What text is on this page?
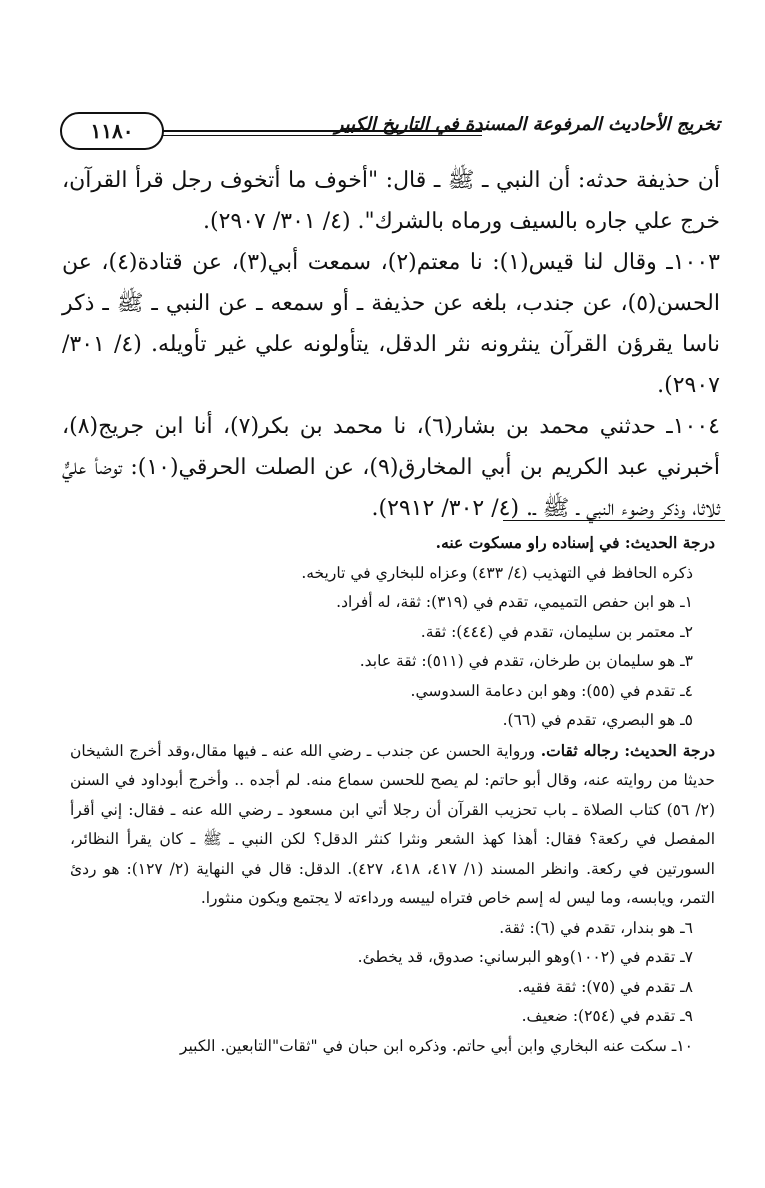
١١٨٠	تخريج الأحاديث المرفوعة المسندة في التاريخ الكبير

أن حذيفة حدثه: أن النبي ـ ﷺ ـ قال: "أخوف ما أتخوف رجل قرأ القرآن، خرج علي جاره بالسيف ورماه بالشرك". (٤/ ٣٠١/ ٢٩٠٧).

١٠٠٣ـ وقال لنا قيس(١): نا معتم(٢)، سمعت أبي(٣)، عن قتادة(٤)، عن الحسن(٥)، عن جندب، بلغه عن حذيفة ـ أو سمعه ـ عن النبي ـ ﷺ ـ ذكر ناسا يقرؤن القرآن ينثرونه نثر الدقل، يتأولونه علي غير تأويله. (٤/ ٣٠١/ ٢٩٠٧).

١٠٠٤ـ حدثني محمد بن بشار(٦)، نا محمد بن بكر(٧)، أنا ابن جريج(٨)، أخبرني عبد الكريم بن أبي المخارق(٩)، عن الصلت الحرقي(١٠): توضأ عليٌّ ثلاثا، وذكر وضوء النبي ـ ﷺ ـ. (٤/ ٣٠٢/ ٢٩١٢).

درجة الحديث: في إسناده راو مسكوت عنه.

ذكره الحافظ في التهذيب (٤/ ٤٣٣) وعزاه للبخاري في تاريخه.

١ـ هو ابن حفص التميمي، تقدم في (٣١٩): ثقة، له أفراد.

٢ـ معتمر بن سليمان، تقدم في (٤٤٤): ثقة.

٣ـ هو سليمان بن طرخان، تقدم في (٥١١): ثقة عابد.

٤ـ تقدم في (٥٥): وهو ابن دعامة السدوسي.

٥ـ هو البصري، تقدم في (٦٦).

درجة الحديث: رجاله ثقات. ورواية الحسن عن جندب ـ رضي الله عنه ـ فيها مقال،وقد أخرج الشيخان حديثا من روايته عنه، وقال أبو حاتم: لم يصح للحسن سماع منه. لم أجده .. وأخرج أبوداود في السنن (٢/ ٥٦) كتاب الصلاة ـ باب تحزيب القرآن أن رجلا أتي ابن مسعود ـ رضي الله عنه ـ فقال: إني أقرأ المفصل في ركعة؟ فقال: أهذا كهذ الشعر ونثرا كنثر الدقل؟ لكن النبي ـ ﷺ ـ كان يقرأ النظائر، السورتين في ركعة. وانظر المسند (١/ ٤١٧، ٤١٨، ٤٢٧). الدقل: قال في النهاية (٢/ ١٢٧): هو ردئ التمر، ويابسه، وما ليس له إسم خاص فتراه لييسه ورداءته لا يجتمع ويكون منثورا.

٦ـ هو بندار، تقدم في (٦): ثقة.

٧ـ تقدم في (١٠٠٢)وهو البرساني: صدوق، قد يخطئ.

٨ـ تقدم في (٧٥): ثقة فقيه.

٩ـ تقدم في (٢٥٤): ضعيف.

١٠ـ سكت عنه البخاري وابن أبي حاتم. وذكره ابن حبان في "ثقات"التابعين. الكبير
